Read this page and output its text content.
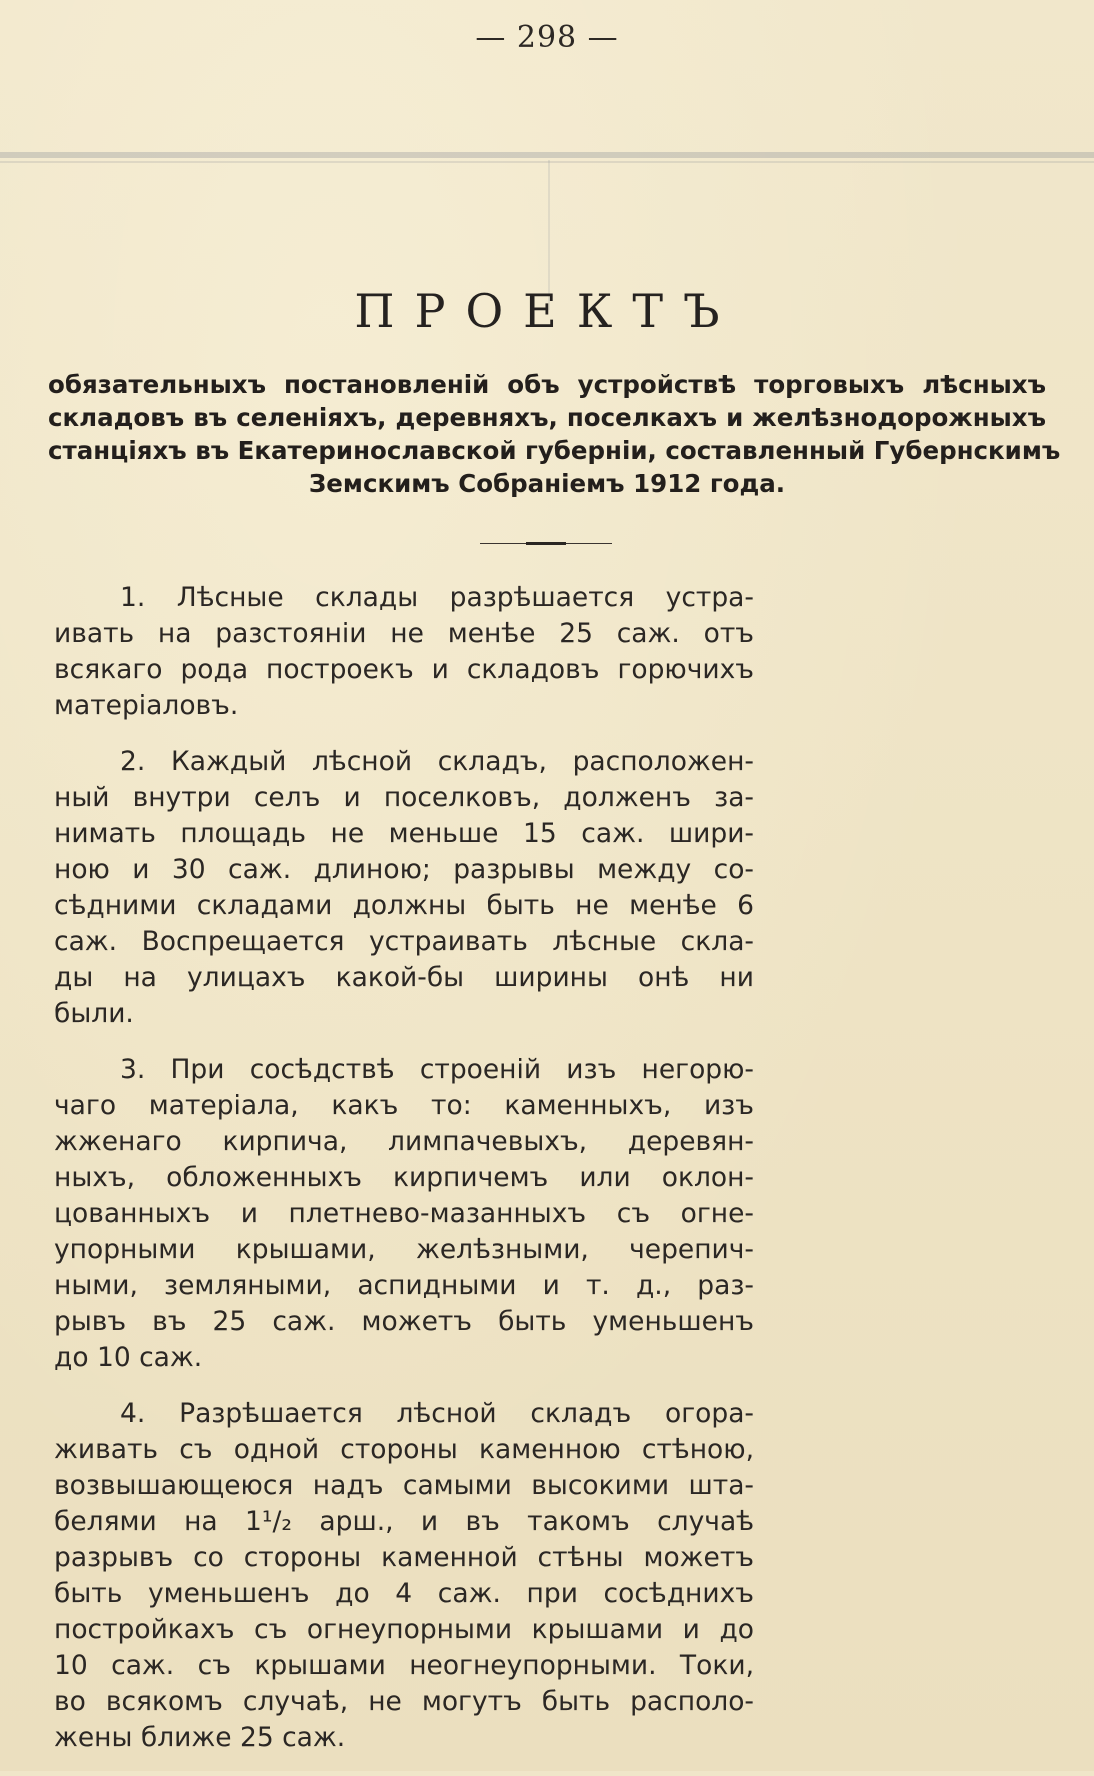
— 298 —
ПРОЕКТЪ
обязательныхъ постановленій объ устройствѣ торговыхъ лѣсныхъ
складовъ въ селеніяхъ, деревняхъ, поселкахъ и желѣзнодорожныхъ
станціяхъ въ Екатеринославской губерніи, составленный Губернскимъ
Земскимъ Собраніемъ 1912 года.
1. Лѣсные склады разрѣшается устра-
ивать на разстояніи не менѣе 25 саж. отъ
всякаго рода построекъ и складовъ горючихъ
матеріаловъ.
2. Каждый лѣсной складъ, расположен-
ный внутри селъ и поселковъ, долженъ за-
нимать площадь не меньше 15 саж. шири-
ною и 30 саж. длиною; разрывы между со-
сѣдними складами должны быть не менѣе 6
саж. Воспрещается устраивать лѣсные скла-
ды на улицахъ какой-бы ширины онѣ ни
были.
3. При сосѣдствѣ строеній изъ негорю-
чаго матеріала, какъ то: каменныхъ, изъ
жженаго кирпича, лимпачевыхъ, деревян-
ныхъ, обложенныхъ кирпичемъ или оклон-
цованныхъ и плетнево-мазанныхъ съ огне-
упорными крышами, желѣзными, черепич-
ными, земляными, аспидными и т. д., раз-
рывъ въ 25 саж. можетъ быть уменьшенъ
до 10 саж.
4. Разрѣшается лѣсной складъ огора-
живать съ одной стороны каменною стѣною,
возвышающеюся надъ самыми высокими шта-
белями на 1¹/₂ арш., и въ такомъ случаѣ
разрывъ со стороны каменной стѣны можетъ
быть уменьшенъ до 4 саж. при сосѣднихъ
постройкахъ съ огнеупорными крышами и до
10 саж. съ крышами неогнеупорными. Токи,
во всякомъ случаѣ, не могутъ быть располо-
жены ближе 25 саж.
